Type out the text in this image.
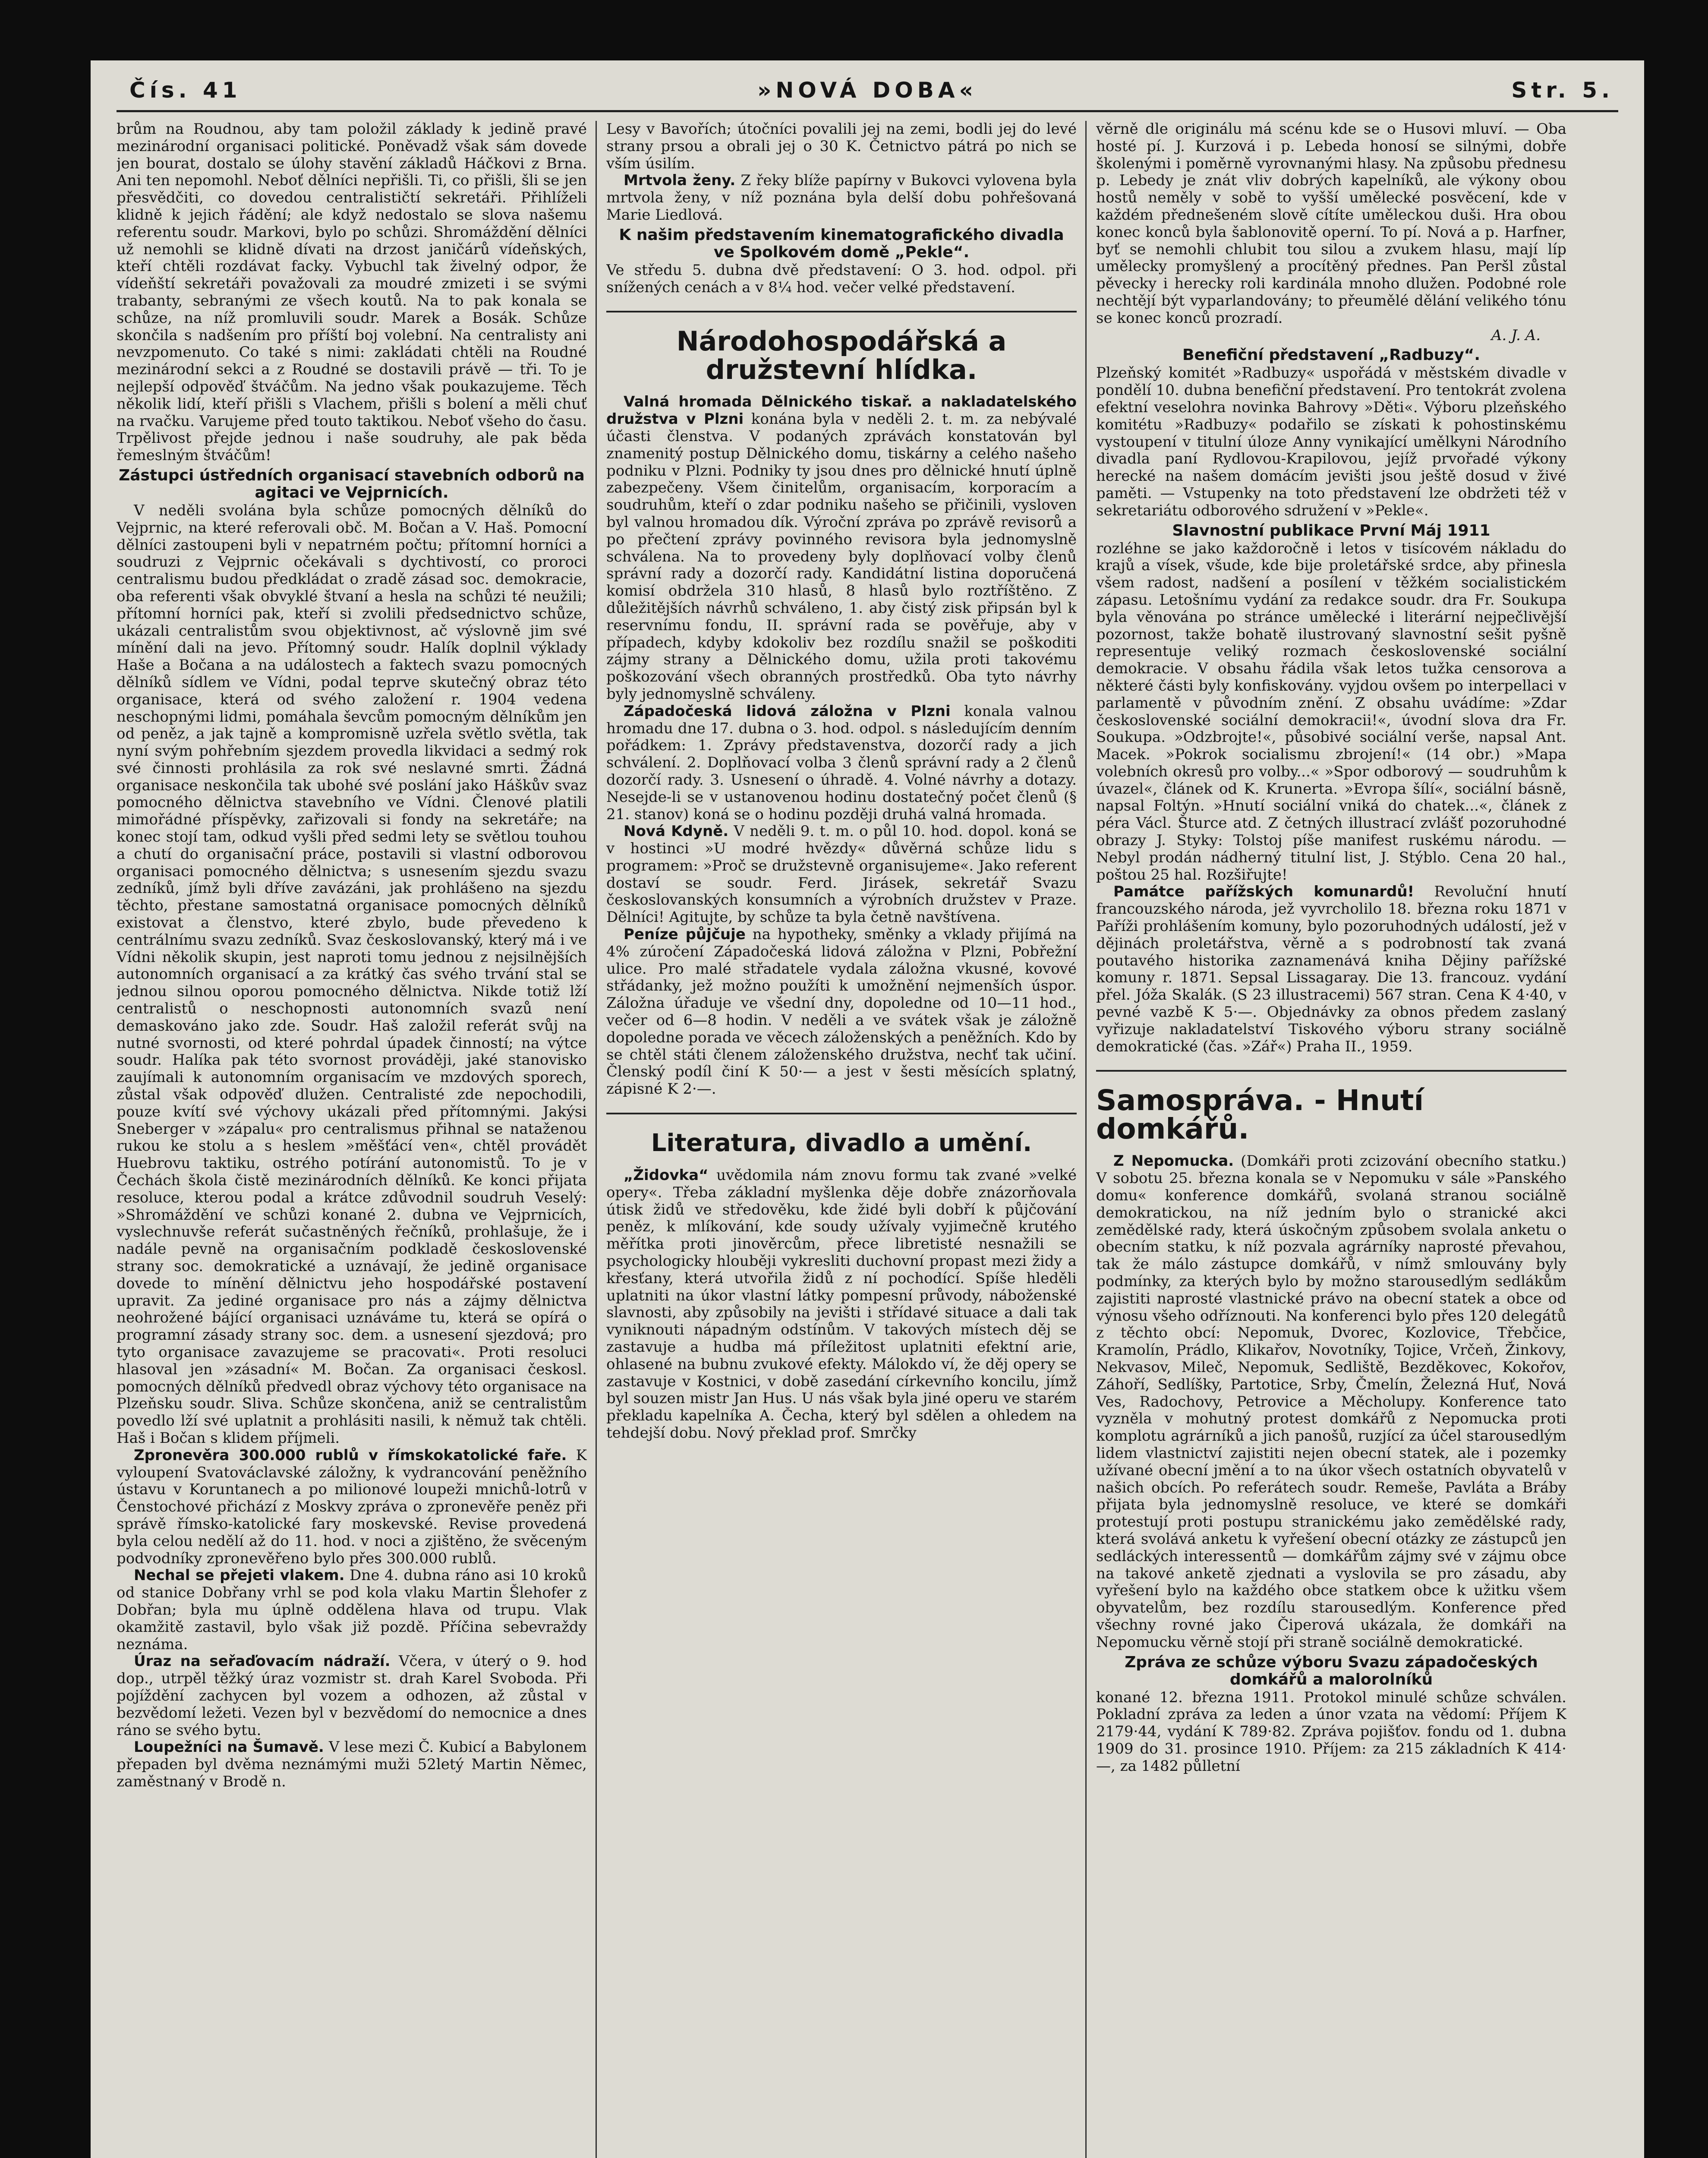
Čís. 41	»NOVÁ DOBA«	Str. 5.

brům na Roudnou, aby tam položil základy k jedině pravé mezinárodní organisaci politické. Poněvadž však sám dovede jen bourat, dostalo se úlohy stavění základů Háčkovi z Brna. Ani ten nepomohl. Neboť dělníci nepřišli. Ti, co přišli, šli se jen přesvědčiti, co dovedou centralističtí sekretáři. Přihlíželi klidně k jejich řádění; ale když nedostalo se slova našemu referentu soudr. Markovi, bylo po schůzi. Shromáždění dělníci už nemohli se klidně dívati na drzost janičárů vídeňských, kteří chtěli rozdávat facky. Vybuchl tak živelný odpor, že vídeňští sekretáři považovali za moudré zmizeti i se svými trabanty, sebranými ze všech koutů. Na to pak konala se schůze, na níž promluvili soudr. Marek a Bosák. Schůze skončila s nadšením pro příští boj volební. Na centralisty ani nevzpomenuto. Co také s nimi: zakládati chtěli na Roudné mezinárodní sekci a z Roudné se dostavili právě — tři. To je nejlepší odpověď štváčům. Na jedno však poukazujeme. Těch několik lidí, kteří přišli s Vlachem, přišli s bolení a měli chuť na rvačku. Varujeme před touto taktikou. Neboť všeho do času. Trpělivost přejde jednou i naše soudruhy, ale pak běda řemeslným štváčům!

Zástupci ústředních organisací stavebních odborů na agitaci ve Vejprnicích.

V neděli svolána byla schůze pomocných dělníků do Vejprnic, na které referovali obč. M. Bočan a V. Haš. Pomocní dělníci zastoupeni byli v nepatrném počtu; přítomní horníci a soudruzi z Vejprnic očekávali s dychtivostí, co proroci centralismu budou předkládat o zradě zásad soc. demokracie, oba referenti však obvyklé štvaní a hesla na schůzi té neužili; přítomní horníci pak, kteří si zvolili předsednictvo schůze, ukázali centralistům svou objektivnost, ač výslovně jim své mínění dali na jevo. Přítomný soudr. Halík doplnil výklady Haše a Bočana a na událostech a faktech svazu pomocných dělníků sídlem ve Vídni, podal teprve skutečný obraz této organisace, která od svého založení r. 1904 vedena neschopnými lidmi, pomáhala ševcům pomocným dělníkům jen od peněz, a jak tajně a kompromisně uzřela světlo světla, tak nyní svým pohřebním sjezdem provedla likvidaci a sedmý rok své činnosti prohlásila za rok své neslavné smrti. Žádná organisace neskončila tak ubohé své poslání jako Háškův svaz pomocného dělnictva stavebního ve Vídni. Členové platili mimořádné příspěvky, zařizovali si fondy na sekretáře; na konec stojí tam, odkud vyšli před sedmi lety se světlou touhou a chutí do organisační práce, postavili si vlastní odborovou organisaci pomocného dělnictva; s usnesením sjezdu svazu zedníků, jímž byli dříve zavázáni, jak prohlášeno na sjezdu těchto, přestane samostatná organisace pomocných dělníků existovat a členstvo, které zbylo, bude převedeno k centrálnímu svazu zedníků. Svaz českoslovanský, který má i ve Vídni několik skupin, jest naproti tomu jednou z nejsilnějších autonomních organisací a za krátký čas svého trvání stal se jednou silnou oporou pomocného dělnictva. Nikde totiž lží centralistů o neschopnosti autonomních svazů není demaskováno jako zde. Soudr. Haš založil referát svůj na nutné svornosti, od které pohrdal úpadek činností; na výtce soudr. Halíka pak této svornost prováději, jaké stanovisko zaujímali k autonomním organisacím ve mzdových sporech, zůstal však odpověď dlužen. Centralisté zde nepochodili, pouze kvítí své výchovy ukázali před přítomnými. Jakýsi Sneberger v »zápalu« pro centralismus přihnal se nataženou rukou ke stolu a s heslem »měšťácí ven«, chtěl provádět Huebrovu taktiku, ostrého potírání autonomistů. To je v Čechách škola čistě mezinárodních dělníků. Ke konci přijata resoluce, kterou podal a krátce zdůvodnil soudruh Veselý: »Shromáždění ve schůzi konané 2. dubna ve Vejprnicích, vyslechnuvše referát sučastněných řečníků, prohlašuje, že i nadále pevně na organisačním podkladě československé strany soc. demokratické a uznávají, že jedině organisace dovede to mínění dělnictvu jeho hospodářské postavení upravit. Za jediné organisace pro nás a zájmy dělnictva neohrožené bájící organisaci uznáváme tu, která se opírá o programní zásady strany soc. dem. a usnesení sjezdová; pro tyto organisace zavazujeme se pracovati«. Proti resoluci hlasoval jen »zásadní« M. Bočan. Za organisaci českosl. pomocných dělníků předvedl obraz výchovy této organisace na Plzeňsku soudr. Sliva. Schůze skončena, aniž se centralistům povedlo lží své uplatnit a prohlásiti nasili, k němuž tak chtěli. Haš i Bočan s klidem příjmeli.

Zpronevěra 300.000 rublů v římskokatolické faře. K vyloupení Svatováclavské záložny, k vydrancování peněžního ústavu v Koruntanech a po milionové loupeži mnichů-lotrů v Čenstochové přichází z Moskvy zpráva o zpronevěře peněz při správě římsko-katolické fary moskevské. Revise provedená byla celou nedělí až do 11. hod. v noci a zjištěno, že svěceným podvodníky zpronevěřeno bylo přes 300.000 rublů.

Nechal se přejeti vlakem. Dne 4. dubna ráno asi 10 kroků od stanice Dobřany vrhl se pod kola vlaku Martin Šlehofer z Dobřan; byla mu úplně oddělena hlava od trupu. Vlak okamžitě zastavil, bylo však již pozdě. Příčina sebevraždy neznáma.

Úraz na seřaďovacím nádraží. Včera, v úterý o 9. hod dop., utrpěl těžký úraz vozmistr st. drah Karel Svoboda. Při pojíždění zachycen byl vozem a odhozen, až zůstal v bezvědomí ležeti. Vezen byl v bezvědomí do nemocnice a dnes ráno se svého bytu.

Loupežníci na Šumavě. V lese mezi Č. Kubicí a Babylonem přepaden byl dvěma neznámými muži 52letý Martin Němec, zaměstnaný v Brodě n.

Lesy v Bavořích; útočníci povalili jej na zemi, bodli jej do levé strany prsou a obrali jej o 30 K. Četnictvo pátrá po nich se vším úsilím.

Mrtvola ženy. Z řeky blíže papírny v Bukovci vylovena byla mrtvola ženy, v níž poznána byla delší dobu pohřešovaná Marie Liedlová.

K našim představením kinematografického divadla ve Spolkovém domě „Pekle“.

Ve středu 5. dubna dvě představení: O 3. hod. odpol. při snížených cenách a v 8¼ hod. večer velké představení.

Národohospodářská a družstevní hlídka.

Valná hromada Dělnického tiskař. a nakladatelského družstva v Plzni konána byla v neděli 2. t. m. za nebývalé účasti členstva. V podaných zprávách konstatován byl znamenitý postup Dělnického domu, tiskárny a celého našeho podniku v Plzni. Podniky ty jsou dnes pro dělnické hnutí úplně zabezpečeny. Všem činitelům, organisacím, korporacím a soudruhům, kteří o zdar podniku našeho se přičinili, vysloven byl valnou hromadou dík. Výroční zpráva po zprávě revisorů a po přečtení zprávy povinného revisora byla jednomyslně schválena. Na to provedeny byly doplňovací volby členů správní rady a dozorčí rady. Kandidátní listina doporučená komisí obdržela 310 hlasů, 8 hlasů bylo roztříštěno. Z důležitějších návrhů schváleno, 1. aby čistý zisk připsán byl k reservnímu fondu, II. správní rada se pověřuje, aby v případech, kdyby kdokoliv bez rozdílu snažil se poškoditi zájmy strany a Dělnického domu, užila proti takovému poškozování všech obranných prostředků. Oba tyto návrhy byly jednomyslně schváleny.

Západočeská lidová záložna v Plzni konala valnou hromadu dne 17. dubna o 3. hod. odpol. s následujícím denním pořádkem: 1. Zprávy představenstva, dozorčí rady a jich schválení. 2. Doplňovací volba 3 členů správní rady a 2 členů dozorčí rady. 3. Usnesení o úhradě. 4. Volné návrhy a dotazy. Nesejde-li se v ustanovenou hodinu dostatečný počet členů (§ 21. stanov) koná se o hodinu později druhá valná hromada.

Nová Kdyně. V neděli 9. t. m. o půl 10. hod. dopol. koná se v hostinci »U modré hvězdy« důvěrná schůze lidu s programem: »Proč se družstevně organisujeme«. Jako referent dostaví se soudr. Ferd. Jirásek, sekretář Svazu českoslovanských konsumních a výrobních družstev v Praze. Dělníci! Agitujte, by schůze ta byla četně navštívena.

Peníze půjčuje na hypotheky, směnky a vklady přijímá na 4% zúročení Západočeská lidová záložna v Plzni, Pobřežní ulice. Pro malé střadatele vydala záložna vkusné, kovové střádanky, jež možno použíti k umožnění nejmenších úspor. Záložna úřaduje ve všední dny, dopoledne od 10—11 hod., večer od 6—8 hodin. V neděli a ve svátek však je záložně dopoledne porada ve věcech záloženských a peněžních. Kdo by se chtěl státi členem záloženského družstva, nechť tak učiní. Členský podíl činí K 50·— a jest v šesti měsících splatný, zápisné K 2·—.

Literatura, divadlo a umění.

„Židovka“ uvědomila nám znovu formu tak zvané »velké opery«. Třeba základní myšlenka děje dobře znázorňovala útisk židů ve středověku, kde židé byli dobří k půjčování peněz, k mlíkování, kde soudy užívaly vyjimečně krutého měřítka proti jinověrcům, přece libretisté nesnažili se psychologicky hlouběji vykresliti duchovní propast mezi židy a křesťany, která utvořila židů z ní pochodící. Spíše hleděli uplatniti na úkor vlastní látky pompesní průvody, náboženské slavnosti, aby způsobily na jevišti i střídavé situace a dali tak vyniknouti nápadným odstínům. V takových místech děj se zastavuje a hudba má příležitost uplatniti efektní arie, ohlasené na bubnu zvukové efekty. Málokdo ví, že děj opery se zastavuje v Kostnici, v době zasedání církevního koncilu, jímž byl souzen mistr Jan Hus. U nás však byla jiné operu ve starém překladu kapelníka A. Čecha, který byl sdělen a ohledem na tehdejší dobu. Nový překlad prof. Smrčky

věrně dle originálu má scénu kde se o Husovi mluví. — Oba hosté pí. J. Kurzová i p. Lebeda honosí se silnými, dobře školenými i poměrně vyrovnanými hlasy. Na způsobu přednesu p. Lebedy je znát vliv dobrých kapelníků, ale výkony obou hostů neměly v sobě to vyšší umělecké posvěcení, kde v každém přednešeném slově cítíte uměleckou duši. Hra obou konec konců byla šablonovitě operní. To pí. Nová a p. Harfner, byť se nemohli chlubit tou silou a zvukem hlasu, mají líp umělecky promyšlený a procítěný přednes. Pan Peršl zůstal pěvecky i herecky roli kardinála mnoho dlužen. Podobné role nechtějí být vyparlandovány; to přeumělé dělání velikého tónu se konec konců prozradí.

A. J. A.

Benefiční představení „Radbuzy“.

Plzeňský komitét »Radbuzy« uspořádá v městském divadle v pondělí 10. dubna benefiční představení. Pro tentokrát zvolena efektní veselohra novinka Bahrovy »Děti«. Výboru plzeňského komitétu »Radbuzy« podařilo se získati k pohostinskému vystoupení v titulní úloze Anny vynikající umělkyni Národního divadla paní Rydlovou-Krapilovou, jejíž prvořadé výkony herecké na našem domácím jevišti jsou ještě dosud v živé paměti. — Vstupenky na toto představení lze obdržeti též v sekretariátu odborového sdružení v »Pekle«.

Slavnostní publikace První Máj 1911

rozléhne se jako každoročně i letos v tisícovém nákladu do krajů a vísek, všude, kde bije proletářské srdce, aby přinesla všem radost, nadšení a posílení v těžkém socialistickém zápasu. Letošnímu vydání za redakce soudr. dra Fr. Soukupa byla věnována po stránce umělecké i literární nejpečlivější pozornost, takže bohatě ilustrovaný slavnostní sešit pyšně representuje veliký rozmach československé sociální demokracie. V obsahu řádila však letos tužka censorova a některé části byly konfiskovány. vyjdou ovšem po interpellaci v parlamentě v původním znění. Z obsahu uvádíme: »Zdar československé sociální demokracii!«, úvodní slova dra Fr. Soukupa. »Odzbrojte!«, působivé sociální verše, napsal Ant. Macek. »Pokrok socialismu zbrojení!« (14 obr.) »Mapa volebních okresů pro volby...« »Spor odborový — soudruhům k úvazel«, článek od K. Krunerta. »Evropa šílí«, sociální básně, napsal Foltýn. »Hnutí sociální vniká do chatek...«, článek z péra Václ. Šturce atd. Z četných illustrací zvlášť pozoruhodné obrazy J. Styky: Tolstoj píše manifest ruskému národu. — Nebyl prodán nádherný titulní list, J. Stýblo. Cena 20 hal., poštou 25 hal. Rozšiřujte!

Památce pařížských komunardů! Revoluční hnutí francouzského národa, jež vyvrcholilo 18. března roku 1871 v Paříži prohlášením komuny, bylo pozoruhodných událostí, jež v dějinách proletářstva, věrně a s podrobností tak zvaná poutavého historika zaznamenává kniha Dějiny pařížské komuny r. 1871. Sepsal Lissagaray. Die 13. francouz. vydání přel. Jóža Skalák. (S 23 illustracemi) 567 stran. Cena K 4·40, v pevné vazbě K 5·—. Objednávky za obnos předem zaslaný vyřizuje nakladatelství Tiskového výboru strany sociálně demokratické (čas. »Zář«) Praha II., 1959.

Samospráva. - Hnutí domkářů.

Z Nepomucka. (Domkáři proti zcizování obecního statku.) V sobotu 25. března konala se v Nepomuku v sále »Panského domu« konference domkářů, svolaná stranou sociálně demokratickou, na níž jedním bylo o stranické akci zemědělské rady, která úskočným způsobem svolala anketu o obecním statku, k níž pozvala agrárníky naprosté převahou, tak že málo zástupce domkářů, v nímž smlouvány byly podmínky, za kterých bylo by možno starousedlým sedlákům zajistiti naprosté vlastnické právo na obecní statek a obce od výnosu všeho odříznouti. Na konferenci bylo přes 120 delegátů z těchto obcí: Nepomuk, Dvorec, Kozlovice, Třebčice, Kramolín, Prádlo, Klikařov, Novotníky, Tojice, Vrčeň, Žinkovy, Nekvasov, Mileč, Nepomuk, Sedliště, Bezděkovec, Kokořov, Záhoří, Sedlíšky, Partotice, Srby, Čmelín, Železná Huť, Nová Ves, Radochovy, Petrovice a Měcholupy. Konference tato vyzněla v mohutný protest domkářů z Nepomucka proti komplotu agrárníků a jich panošů, ruzjící za účel starousedlým lidem vlastnictví zajistiti nejen obecní statek, ale i pozemky užívané obecní jmění a to na úkor všech ostatních obyvatelů v našich obcích. Po referátech soudr. Remeše, Pavláta a Bráby přijata byla jednomyslně resoluce, ve které se domkáři protestují proti postupu stranickému jako zemědělské rady, která svolává anketu k vyřešení obecní otázky ze zástupců jen sedláckých interessentů — domkářům zájmy své v zájmu obce na takové anketě zjednati a vyslovila se pro zásadu, aby vyřešení bylo na každého obce statkem obce k užitku všem obyvatelům, bez rozdílu starousedlým. Konference před všechny rovné jako Čiperová ukázala, že domkáři na Nepomucku věrně stojí při straně sociálně demokratické.

Zpráva ze schůze výboru Svazu západočeských domkářů a malorolníků

konané 12. března 1911. Protokol minulé schůze schválen. Pokladní zpráva za leden a únor vzata na vědomí: Příjem K 2179·44, vydání K 789·82. Zpráva pojišťov. fondu od 1. dubna 1909 do 31. prosince 1910. Příjem: za 215 základních K 414·—, za 1482 půlletní
